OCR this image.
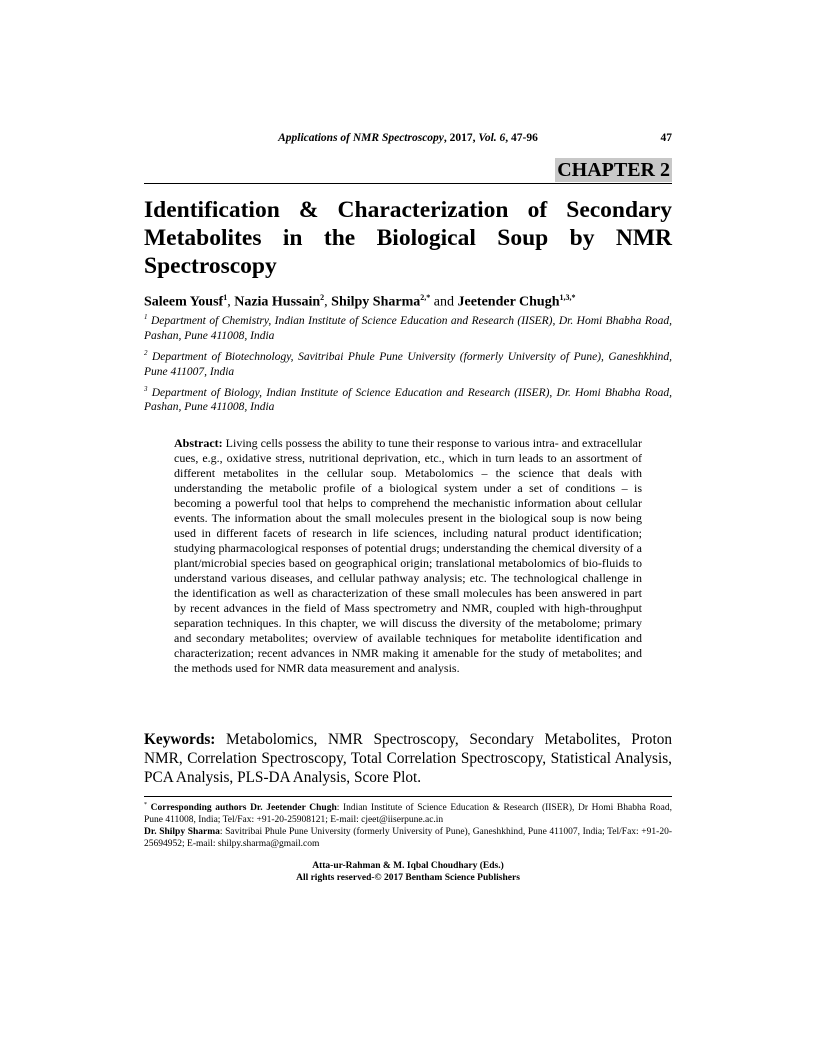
Applications of NMR Spectroscopy, 2017, Vol. 6, 47-96	47
CHAPTER 2
Identification & Characterization of Secondary Metabolites in the Biological Soup by NMR Spectroscopy
Saleem Yousf$^1$, Nazia Hussain$^2$, Shilpy Sharma$^{2,*}$ and Jeetender Chugh$^{1,3,*}$
$^1$ Department of Chemistry, Indian Institute of Science Education and Research (IISER), Dr. Homi Bhabha Road, Pashan, Pune 411008, India
$^2$ Department of Biotechnology, Savitribai Phule Pune University (formerly University of Pune), Ganeshkhind, Pune 411007, India
$^3$ Department of Biology, Indian Institute of Science Education and Research (IISER), Dr. Homi Bhabha Road, Pashan, Pune 411008, India
Abstract: Living cells possess the ability to tune their response to various intra- and extracellular cues, e.g., oxidative stress, nutritional deprivation, etc., which in turn leads to an assortment of different metabolites in the cellular soup. Metabolomics – the science that deals with understanding the metabolic profile of a biological system under a set of conditions – is becoming a powerful tool that helps to comprehend the mechanistic information about cellular events. The information about the small molecules present in the biological soup is now being used in different facets of research in life sciences, including natural product identification; studying pharmacological responses of potential drugs; understanding the chemical diversity of a plant/microbial species based on geographical origin; translational metabolomics of bio-fluids to understand various diseases, and cellular pathway analysis; etc. The technological challenge in the identification as well as characterization of these small molecules has been answered in part by recent advances in the field of Mass spectrometry and NMR, coupled with high-throughput separation techniques. In this chapter, we will discuss the diversity of the metabolome; primary and secondary metabolites; overview of available techniques for metabolite identification and characterization; recent advances in NMR making it amenable for the study of metabolites; and the methods used for NMR data measurement and analysis.
Keywords: Metabolomics, NMR Spectroscopy, Secondary Metabolites, Proton NMR, Correlation Spectroscopy, Total Correlation Spectroscopy, Statistical Analysis, PCA Analysis, PLS-DA Analysis, Score Plot.
* Corresponding authors Dr. Jeetender Chugh: Indian Institute of Science Education & Research (IISER), Dr Homi Bhabha Road, Pune 411008, India; Tel/Fax: +91-20-25908121; E-mail: cjeet@iiserpune.ac.in
Dr. Shilpy Sharma: Savitribai Phule Pune University (formerly University of Pune), Ganeshkhind, Pune 411007, India; Tel/Fax: +91-20-25694952; E-mail: shilpy.sharma@gmail.com
Atta-ur-Rahman & M. Iqbal Choudhary (Eds.)
All rights reserved-© 2017 Bentham Science Publishers
